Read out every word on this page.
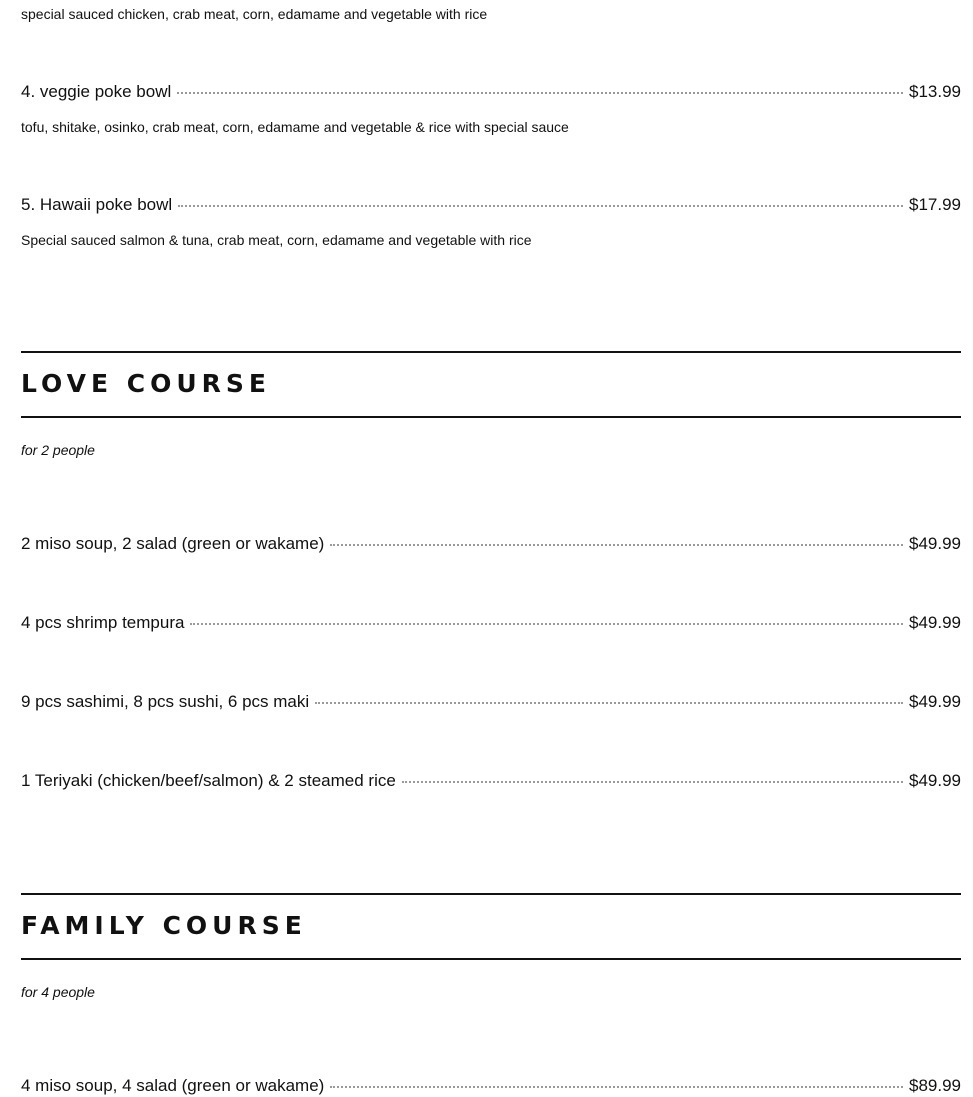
special sauced chicken, crab meat, corn, edamame and vegetable with rice
4. veggie poke bowl	$13.99
tofu, shitake, osinko, crab meat, corn, edamame and vegetable & rice with special sauce
5. Hawaii poke bowl	$17.99
Special sauced salmon & tuna, crab meat, corn, edamame and vegetable with rice
LOVE COURSE
for 2 people
2 miso soup, 2 salad (green or wakame)	$49.99
4 pcs shrimp tempura	$49.99
9 pcs sashimi, 8 pcs sushi, 6 pcs maki	$49.99
1 Teriyaki (chicken/beef/salmon) & 2 steamed rice	$49.99
FAMILY COURSE
for 4 people
4 miso soup, 4 salad (green or wakame)	$89.99
